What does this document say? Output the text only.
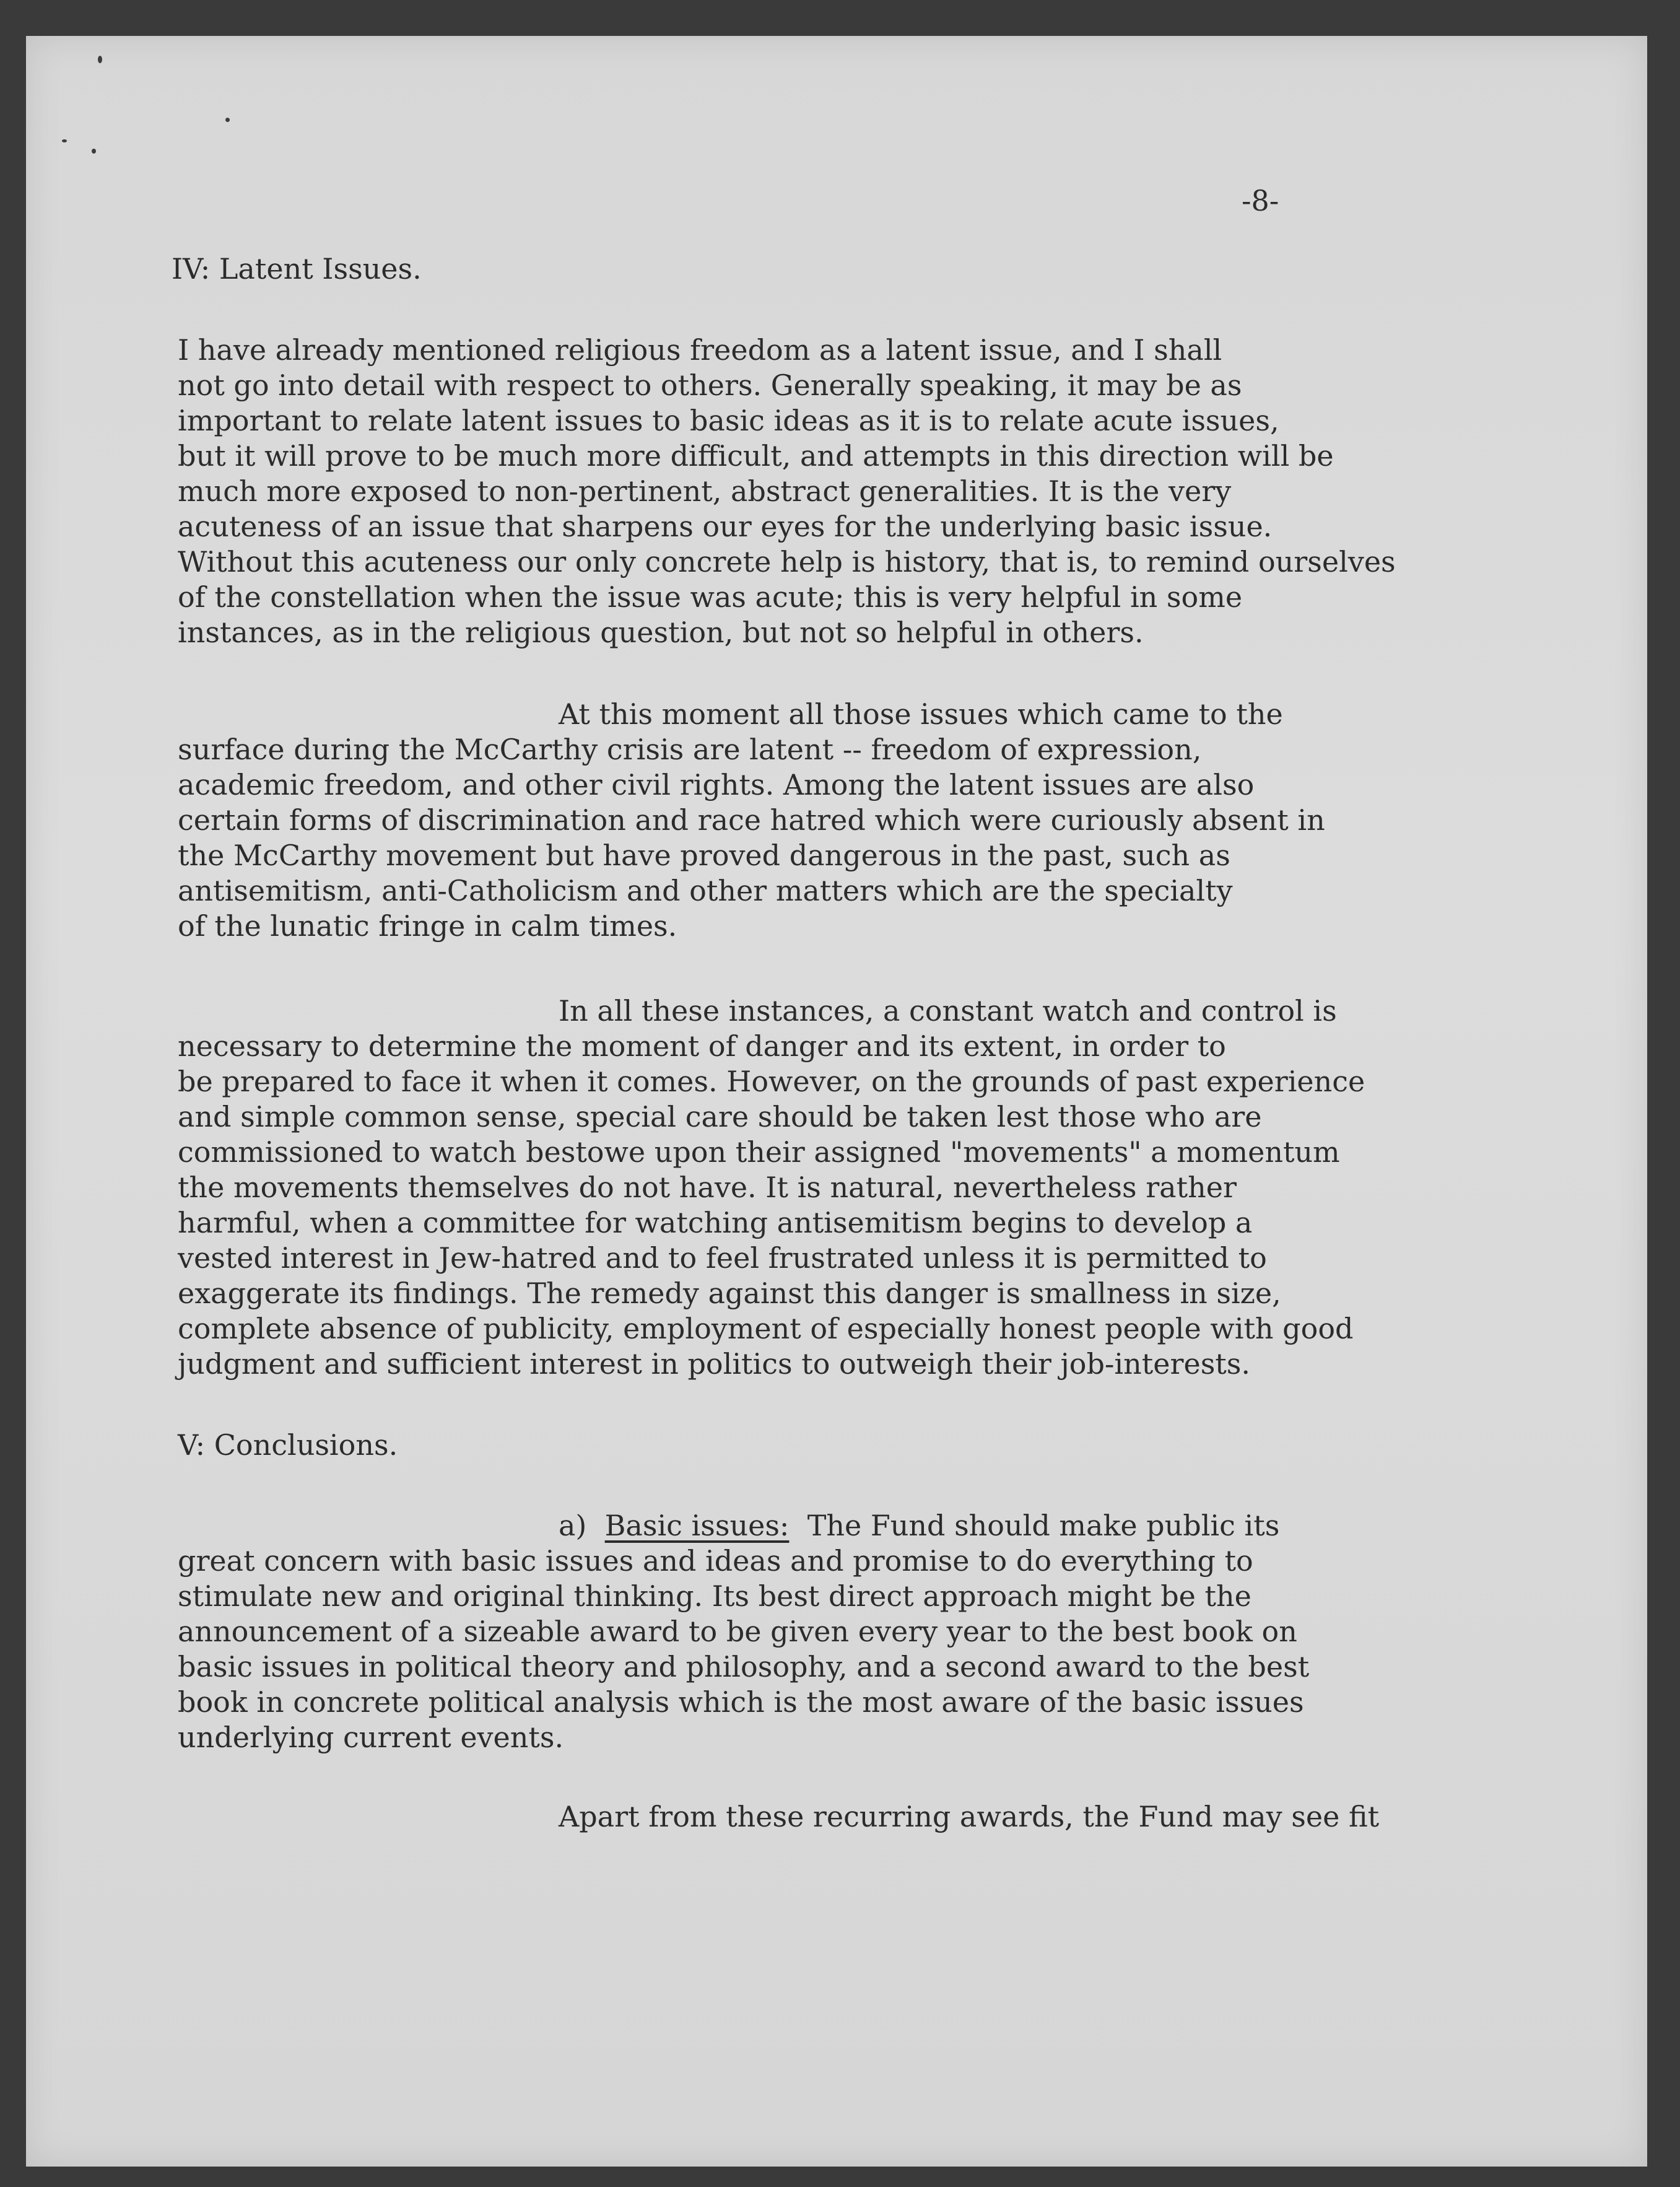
-8-
IV: Latent Issues.
I have already mentioned religious freedom as a latent issue, and I shall
not go into detail with respect to others. Generally speaking, it may be as
important to relate latent issues to basic ideas as it is to relate acute issues,
but it will prove to be much more difficult, and attempts in this direction will be
much more exposed to non-pertinent, abstract generalities. It is the very
acuteness of an issue that sharpens our eyes for the underlying basic issue.
Without this acuteness our only concrete help is history, that is, to remind ourselves
of the constellation when the issue was acute; this is very helpful in some
instances, as in the religious question, but not so helpful in others.
At this moment all those issues which came to the
surface during the McCarthy crisis are latent -- freedom of expression,
academic freedom, and other civil rights. Among the latent issues are also
certain forms of discrimination and race hatred which were curiously absent in
the McCarthy movement but have proved dangerous in the past, such as
antisemitism, anti-Catholicism and other matters which are the specialty
of the lunatic fringe in calm times.
In all these instances, a constant watch and control is
necessary to determine the moment of danger and its extent, in order to
be prepared to face it when it comes. However, on the grounds of past experience
and simple common sense, special care should be taken lest those who are
commissioned to watch bestowe upon their assigned "movements" a momentum
the movements themselves do not have. It is natural, nevertheless rather
harmful, when a committee for watching antisemitism begins to develop a
vested interest in Jew-hatred and to feel frustrated unless it is permitted to
exaggerate its findings. The remedy against this danger is smallness in size,
complete absence of publicity, employment of especially honest people with good
judgment and sufficient interest in politics to outweigh their job-interests.
V: Conclusions.
a) Basic issues: The Fund should make public its
great concern with basic issues and ideas and promise to do everything to
stimulate new and original thinking. Its best direct approach might be the
announcement of a sizeable award to be given every year to the best book on
basic issues in political theory and philosophy, and a second award to the best
book in concrete political analysis which is the most aware of the basic issues
underlying current events.
Apart from these recurring awards, the Fund may see fit
